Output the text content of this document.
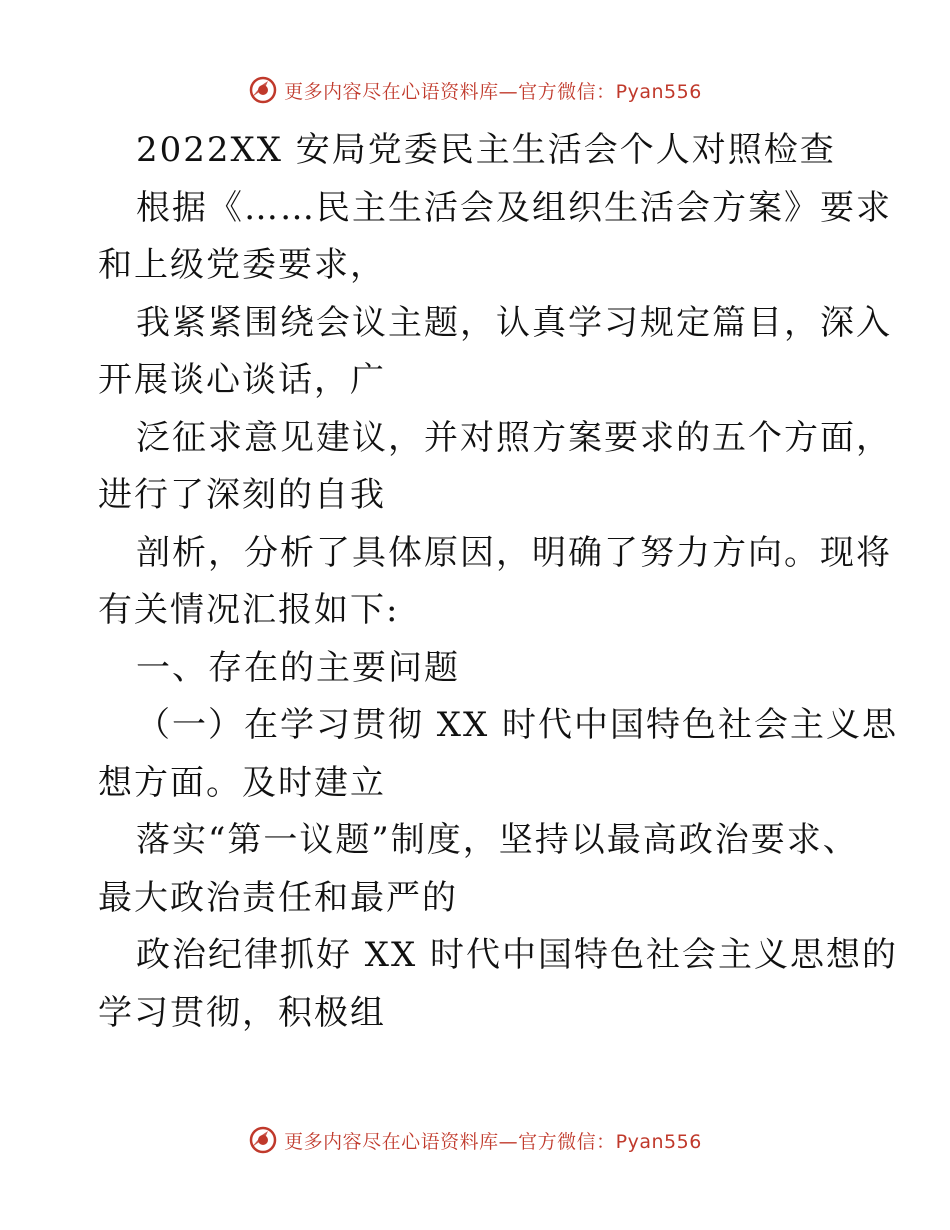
更多内容尽在心语资料库—官方微信：Pyan556
2022XX 安局党委民主生活会个人对照检查
根据《……民主生活会及组织生活会方案》要求
和上级党委要求，
我紧紧围绕会议主题，认真学习规定篇目，深入
开展谈心谈话，广
泛征求意见建议，并对照方案要求的五个方面，
进行了深刻的自我
剖析，分析了具体原因，明确了努力方向。现将
有关情况汇报如下:
一、存在的主要问题
（一）在学习贯彻 XX 时代中国特色社会主义思
想方面。及时建立
落实“第一议题”制度，坚持以最高政治要求、
最大政治责任和最严的
政治纪律抓好 XX 时代中国特色社会主义思想的
学习贯彻，积极组
更多内容尽在心语资料库—官方微信：Pyan556
